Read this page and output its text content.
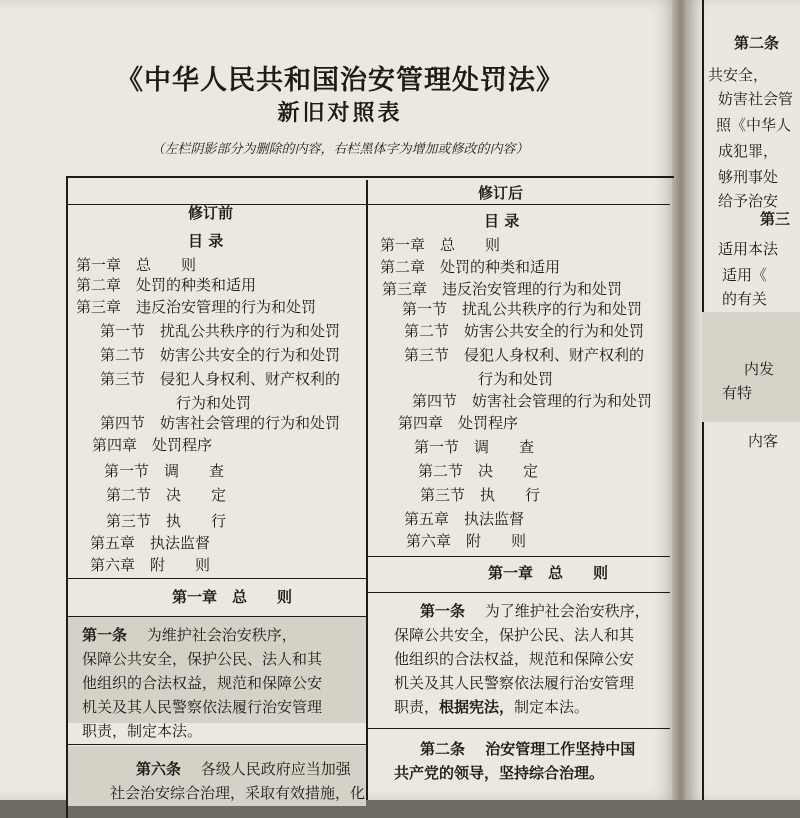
《中华人民共和国治安管理处罚法》
新旧对照表
（左栏阴影部分为删除的内容，右栏黑体字为增加或修改的内容）
修订前
修订后
目 录
目 录
第一章　总　　则
第二章　处罚的种类和适用
第三章　违反治安管理的行为和处罚
第一节　扰乱公共秩序的行为和处罚
第二节　妨害公共安全的行为和处罚
第三节　侵犯人身权利、财产权利的
行为和处罚
第四节　妨害社会管理的行为和处罚
第四章　处罚程序
第一节　调　　查
第二节　决　　定
第三节　执　　行
第五章　执法监督
第六章　附　　则
第一章　总　　则
第二章　处罚的种类和适用
第三章　违反治安管理的行为和处罚
第一节　扰乱公共秩序的行为和处罚
第二节　妨害公共安全的行为和处罚
第三节　侵犯人身权利、财产权利的
行为和处罚
第四节　妨害社会管理的行为和处罚
第四章　处罚程序
第一节　调　　查
第二节　决　　定
第三节　执　　行
第五章　执法监督
第六章　附　　则
第一章　总　　则
第一章　总　　则
第一条　 为维护社会治安秩序，
保障公共安全，保护公民、法人和其
他组织的合法权益，规范和保障公安
机关及其人民警察依法履行治安管理
职责，制定本法。
第一条　 为了维护社会治安秩序，
保障公共安全，保护公民、法人和其
他组织的合法权益，规范和保障公安
机关及其人民警察依法履行治安管理
职责，根据宪法，制定本法。
第六条　 各级人民政府应当加强
社会治安综合治理，采取有效措施，化
第二条　 治安管理工作坚持中国
共产党的领导，坚持综合治理。
第二条
共安全，
妨害社会管
照《中华人
成犯罪，
够刑事处
给予治安
第三
适用本法
适用《
的有关
内发
有特
内客
